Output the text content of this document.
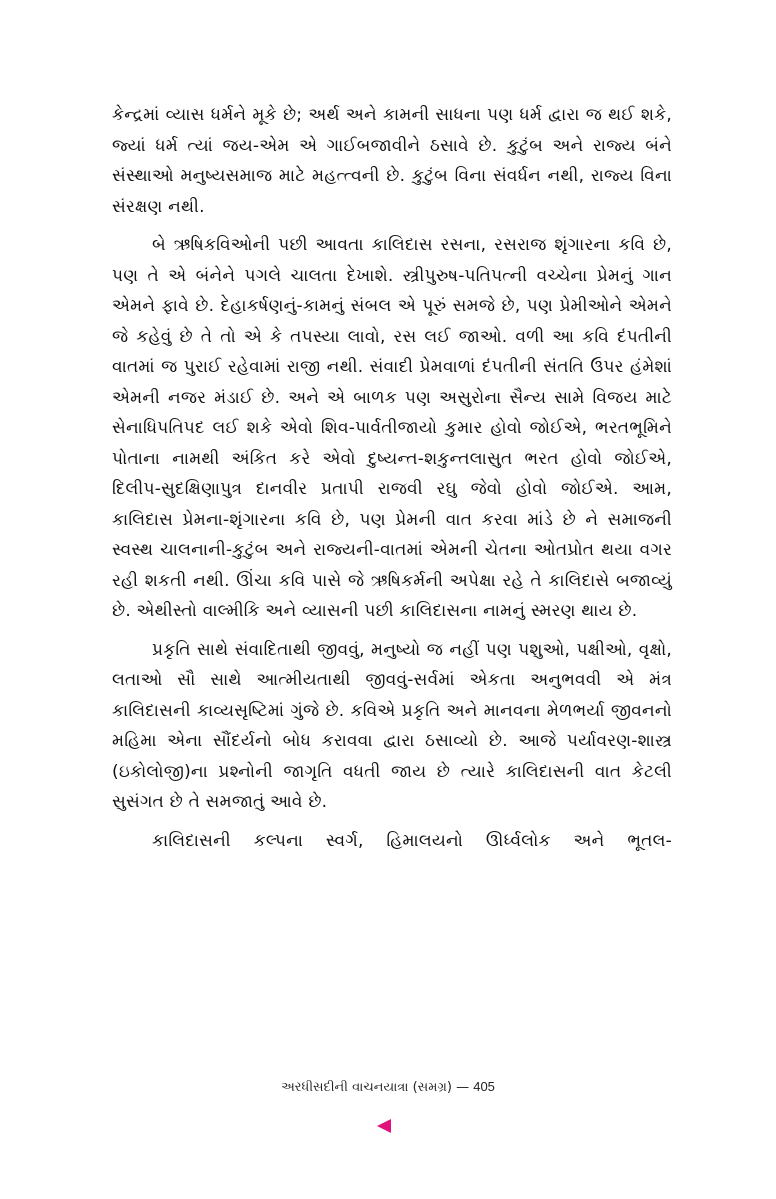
કેન્દ્રમાં વ્યાસ ધર્મને મૂકે છે; અર્થ અને કામની સાધના પણ ધર્મ દ્વારા જ થઈ શકે, જ્યાં ધર્મ ત્યાં જય-એમ એ ગાઈબજાવીને ઠસાવે છે. કુટુંબ અને રાજ્ય બંને સંસ્થાઓ મનુષ્યસમાજ માટે મહત્ત્વની છે. કુટુંબ વિના સંવર્ધન નથી, રાજ્ય વિના સંરક્ષણ નથી.

બે ઋષિકવિઓની પછી આવતા કાલિદાસ રસના, રસરાજ શૃંગારના કવિ છે, પણ તે એ બંનેને પગલે ચાલતા દેખાશે. સ્ત્રીપુરુષ-પતિપત્ની વચ્ચેના પ્રેમનું ગાન એમને ફાવે છે. દેહાકર્ષણનું-કામનું સંબલ એ પૂરું સમજે છે, પણ પ્રેમીઓને એમને જે કહેવું છે તે તો એ કે તપસ્યા લાવો, રસ લઈ જાઓ. વળી આ કવિ દંપતીની વાતમાં જ પુરાઈ રહેવામાં રાજી નથી. સંવાદી પ્રેમવાળાં દંપતીની સંતતિ ઉપર હંમેશાં એમની નજર મંડાઈ છે. અને એ બાળક પણ અસુરોના સૈન્ય સામે વિજય માટે સેનાધિપતિપદ લઈ શકે એવો શિવ-પાર્વતીજાયો કુમાર હોવો જોઈએ, ભરતભૂમિને પોતાના નામથી અંકિત કરે એવો દુષ્યન્ત-શકુન્તલાસુત ભરત હોવો જોઈએ, દિલીપ-સુદક્ષિણાપુત્ર દાનવીર પ્રતાપી રાજવી રઘુ જેવો હોવો જોઈએ. આમ, કાલિદાસ પ્રેમના-શૃંગારના કવિ છે, પણ પ્રેમની વાત કરવા માંડે છે ને સમાજની સ્વસ્થ ચાલનાની-કુટુંબ અને રાજ્યની-વાતમાં એમની ચેતના ઓતપ્રોત થયા વગર રહી શકતી નથી. ઊંચા કવિ પાસે જે ઋષિકર્મની અપેક્ષા રહે તે કાલિદાસે બજાવ્યું છે. એથીસ્તો વાલ્મીકિ અને વ્યાસની પછી કાલિદાસના નામનું સ્મરણ થાય છે.

પ્રકૃતિ સાથે સંવાદિતાથી જીવવું, મનુષ્યો જ નહીં પણ પશુઓ, પક્ષીઓ, વૃક્ષો, લતાઓ સૌ સાથે આત્મીયતાથી જીવવું-સર્વમાં એકતા અનુભવવી એ મંત્ર કાલિદાસની કાવ્યસૃષ્ટિમાં ગુંજે છે. કવિએ પ્રકૃતિ અને માનવના મેળભર્યા જીવનનો મહિમા એના સૌંદર્યનો બોધ કરાવવા દ્વારા ઠસાવ્યો છે. આજે પર્યાવરણ-શાસ્ત્ર (ઇકોલોજી)ના પ્રશ્નોની જાગૃતિ વધતી જાય છે ત્યારે કાલિદાસની વાત કેટલી સુસંગત છે તે સમજાતું આવે છે.

કાલિદાસની કલ્પના સ્વર્ગ, હિમાલયનો ઊર્ધ્વલોક અને ભૂતલ-

અરધીસદીની વાચનયાત્રા (સમગ્ર) — 405
